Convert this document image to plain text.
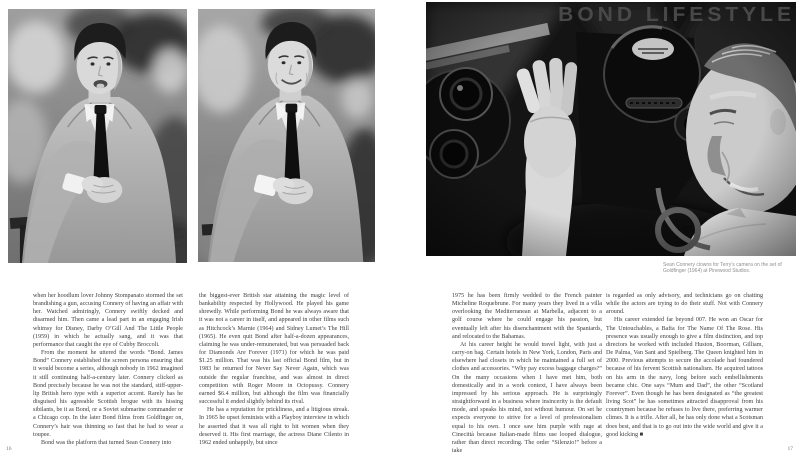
when her hoodlum lover Johnny Stompanato stormed the set brandishing a gun, accusing Connery of having an affair with her. Watched admiringly, Connery swiftly decked and disarmed him. Then came a lead part in an engaging Irish whimsy for Disney, Darby O’Gill And The Little People (1959) in which he actually sang, and it was that performance that caught the eye of Cubby Broccoli.

From the moment he uttered the words “Bond. James Bond” Connery established the screen persona ensuring that it would become a series, although nobody in 1962 imagined it still continuing half-a-century later. Connery clicked as Bond precisely because he was not the standard, stiff-upper-lip British hero type with a superior accent. Rarely has he disguised his agreeable Scottish brogue with its hissing sibilants, be it as Bond, or a Soviet submarine commander or a Chicago cop. In the later Bond films from Goldfinger on, Connery’s hair was thinning so fast that he had to wear a toupee.

Bond was the platform that turned Sean Connery into

the biggest-ever British star attaining the magic level of bankability respected by Hollywood. He played his game shrewdly. While performing Bond he was always aware that it was not a career in itself, and appeared in other films such as Hitchcock’s Marnie (1964) and Sidney Lumet’s The Hill (1965). He even quit Bond after half-a-dozen appearances, claiming he was under-remunerated, but was persuaded back for Diamonds Are Forever (1971) for which he was paid $1.25 million. That was his last official Bond film, but in 1983 he returned for Never Say Never Again, which was outside the regular franchise, and was almost in direct competition with Roger Moore in Octopussy. Connery earned $6.4 million, but although the film was financially successful it ended slightly behind its rival.

He has a reputation for prickliness, and a litigious streak. In 1965 he upset feminists with a Playboy interview in which he asserted that it was all right to hit women when they deserved it. His first marriage, the actress Diane Cilento in 1962 ended unhappily, but since

16
BOND LIFESTYLE
Sean Connery clowns for Terry’s camera on the set of Goldfinger (1964) at Pinewood Studios.

1975 he has been firmly wedded to the French painter Micheline Roquebrune. For many years they lived in a villa overlooking the Mediterranean at Marbella, adjacent to a golf course where he could engage his passion, but eventually left after his disenchantment with the Spaniards, and relocated to the Bahamas.

At his career height he would travel light, with just a carry-on bag. Certain hotels in New York, London, Paris and elsewhere had closets in which he maintained a full set of clothes and accessories. “Why pay excess baggage charges?” On the many occasions when I have met him, both domestically and in a work context, I have always been impressed by his serious approach. He is surprisingly straightforward in a business where insincerity is the default mode, and speaks his mind, not without humour. On set he expects everyone to strive for a level of professionalism equal to his own. I once saw him purple with rage at Cinecittà because Italian-made films use looped dialogue, rather than direct recording. The order “Silenzio!” before a take

is regarded as only advisory, and technicians go on chatting while the actors are trying to do their stuff. Not with Connery around.

His career extended far beyond 007. He won an Oscar for The Untouchables, a Bafta for The Name Of The Rose. His presence was usually enough to give a film distinction, and top directors he worked with included Huston, Boorman, Gilliam, De Palma, Van Sant and Spielberg. The Queen knighted him in 2000. Previous attempts to secure the accolade had foundered because of his fervent Scottish nationalism. He acquired tattoos on his arm in the navy, long before such embellishments became chic. One says “Mum and Dad”, the other “Scotland Forever”. Even though he has been designated as “the greatest living Scot” he has sometimes attracted disapproval from his countrymen because he refuses to live there, preferring warmer climes. It is a trifle. After all, he has only done what a Scotsman does best, and that is to go out into the wide world and give it a good kicking ■

17
